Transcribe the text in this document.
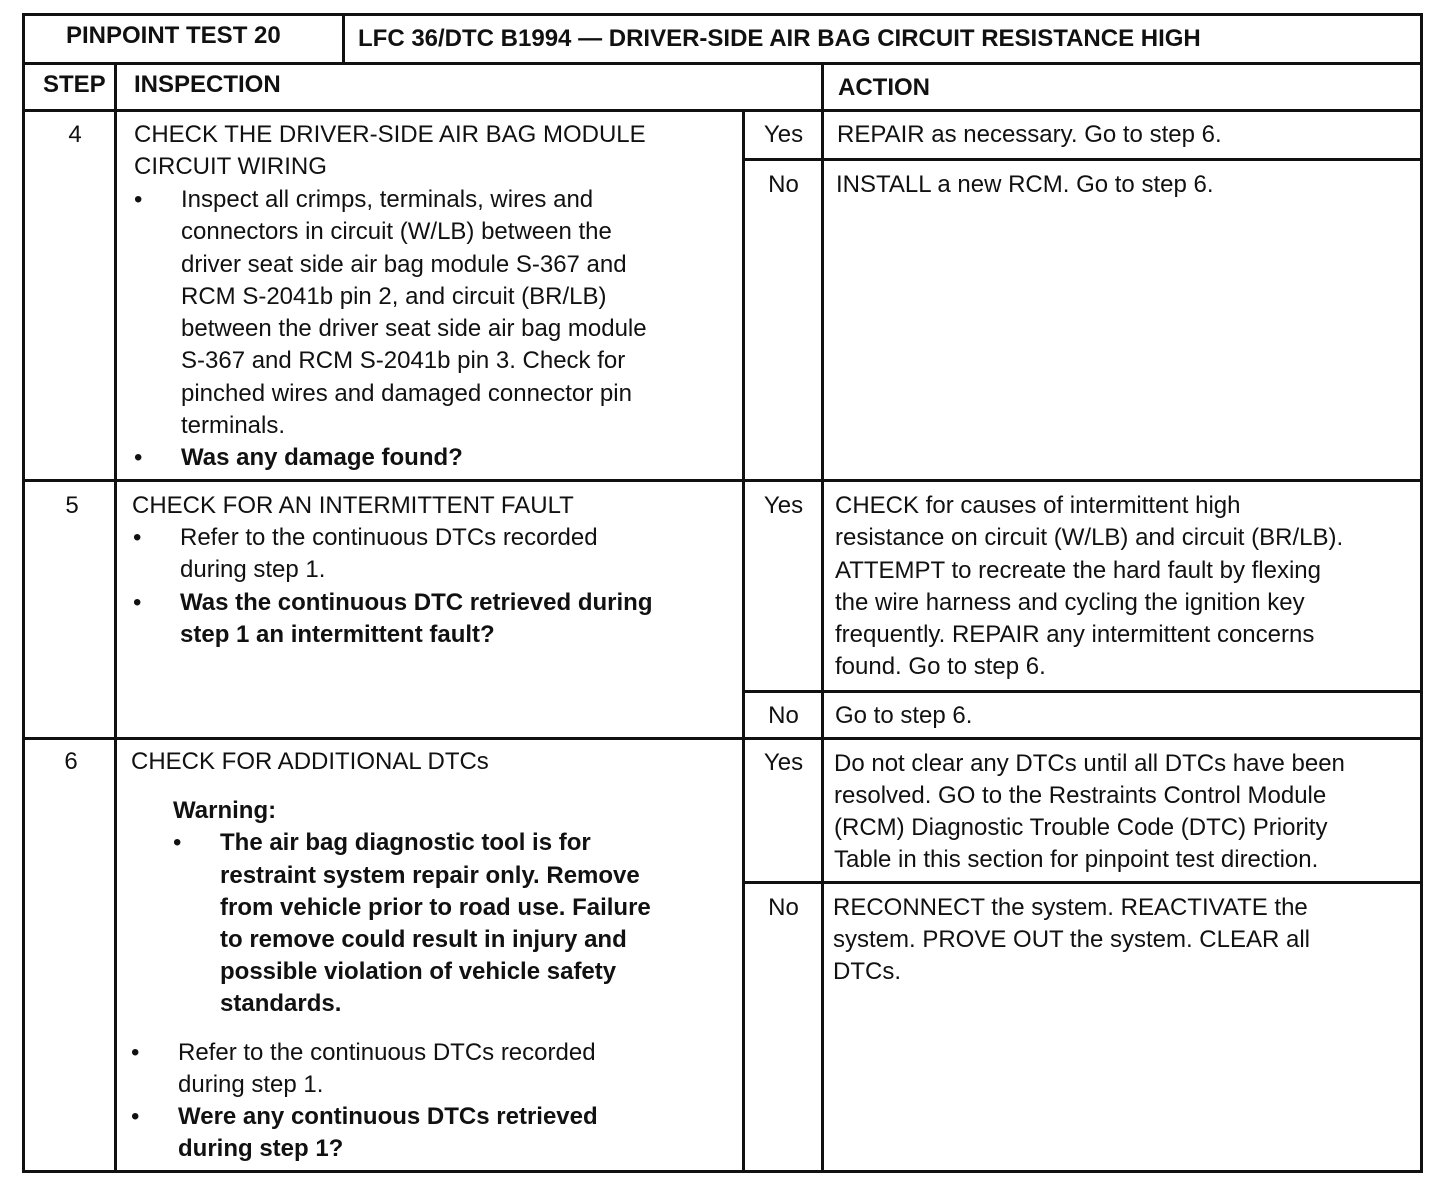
PINPOINT TEST 20	LFC 36/DTC B1994 — DRIVER-SIDE AIR BAG CIRCUIT RESISTANCE HIGH
STEP INSPECTION	ACTION
4	CHECK THE DRIVER-SIDE AIR BAG MODULE
CIRCUIT WIRING
• Inspect all crimps, terminals, wires and
connectors in circuit (W/LB) between the
driver seat side air bag module S-367 and
RCM S-2041b pin 2, and circuit (BR/LB)
between the driver seat side air bag module
S-367 and RCM S-2041b pin 3. Check for
pinched wires and damaged connector pin
terminals.
• Was any damage found?
Yes	REPAIR as necessary. Go to step 6.
No	INSTALL a new RCM. Go to step 6.
5	CHECK FOR AN INTERMITTENT FAULT
• Refer to the continuous DTCs recorded
during step 1.
• Was the continuous DTC retrieved during
step 1 an intermittent fault?
Yes	CHECK for causes of intermittent high
resistance on circuit (W/LB) and circuit (BR/LB).
ATTEMPT to recreate the hard fault by flexing
the wire harness and cycling the ignition key
frequently. REPAIR any intermittent concerns
found. Go to step 6.
No	Go to step 6.
6	CHECK FOR ADDITIONAL DTCs
Warning:
• The air bag diagnostic tool is for
restraint system repair only. Remove
from vehicle prior to road use. Failure
to remove could result in injury and
possible violation of vehicle safety
standards.
• Refer to the continuous DTCs recorded
during step 1.
• Were any continuous DTCs retrieved
during step 1?
Yes	Do not clear any DTCs until all DTCs have been
resolved. GO to the Restraints Control Module
(RCM) Diagnostic Trouble Code (DTC) Priority
Table in this section for pinpoint test direction.
No	RECONNECT the system. REACTIVATE the
system. PROVE OUT the system. CLEAR all
DTCs.
